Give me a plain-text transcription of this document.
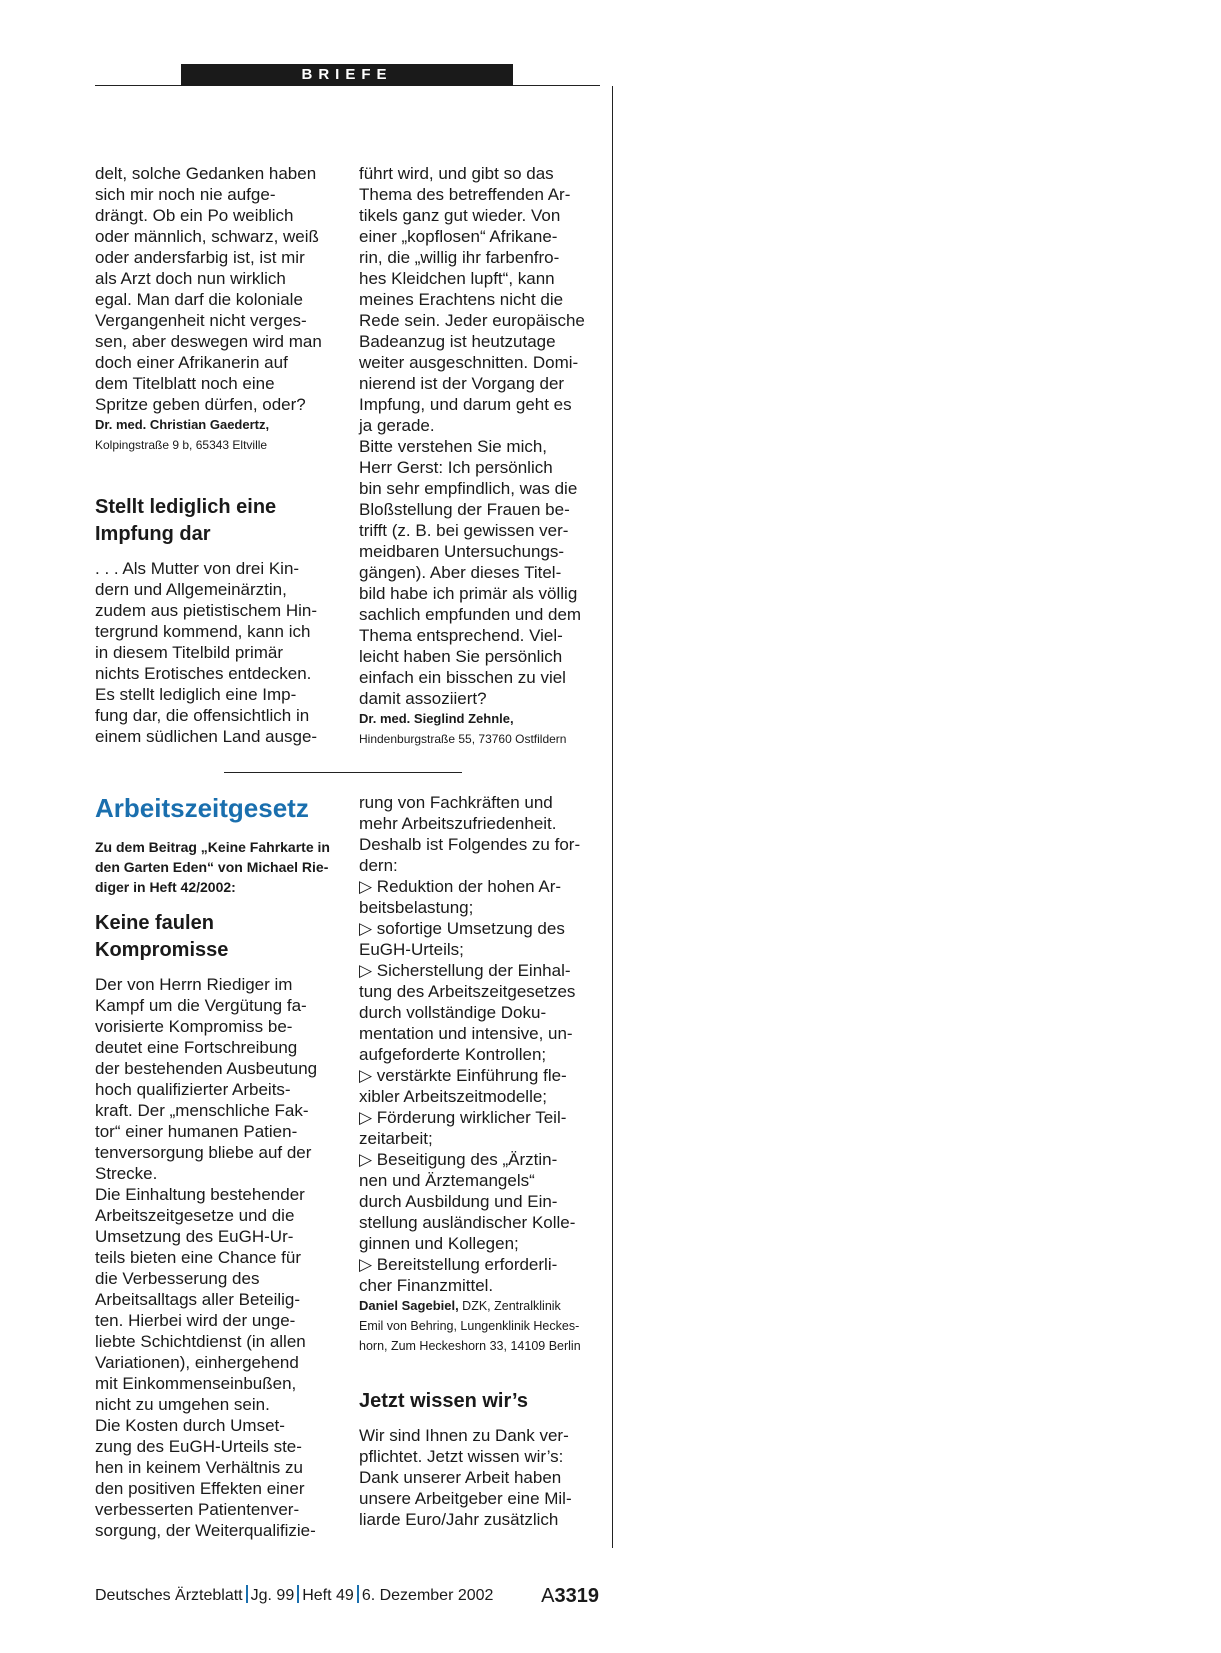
BRIEFE

delt, solche Gedanken haben

sich mir noch nie aufge-

drängt. Ob ein Po weiblich

oder männlich, schwarz, weiß

oder andersfarbig ist, ist mir

als Arzt doch nun wirklich

egal. Man darf die koloniale

Vergangenheit nicht verges-

sen, aber deswegen wird man

doch einer Afrikanerin auf

dem Titelblatt noch eine

Spritze geben dürfen, oder?

Dr. med. Christian Gaedertz,

Kolpingstraße 9 b, 65343 Eltville

Stellt lediglich eine

Impfung dar

. . . Als Mutter von drei Kin-

dern und Allgemeinärztin,

zudem aus pietistischem Hin-

tergrund kommend, kann ich

in diesem Titelbild primär

nichts Erotisches entdecken.

Es stellt lediglich eine Imp-

fung dar, die offensichtlich in

einem südlichen Land ausge-

führt wird, und gibt so das

Thema des betreffenden Ar-

tikels ganz gut wieder. Von

einer „kopflosen“ Afrikane-

rin, die „willig ihr farbenfro-

hes Kleidchen lupft“, kann

meines Erachtens nicht die

Rede sein. Jeder europäische

Badeanzug ist heutzutage

weiter ausgeschnitten. Domi-

nierend ist der Vorgang der

Impfung, und darum geht es

ja gerade.

Bitte verstehen Sie mich,

Herr Gerst: Ich persönlich

bin sehr empfindlich, was die

Bloßstellung der Frauen be-

trifft (z. B. bei gewissen ver-

meidbaren Untersuchungs-

gängen). Aber dieses Titel-

bild habe ich primär als völlig

sachlich empfunden und dem

Thema entsprechend. Viel-

leicht haben Sie persönlich

einfach ein bisschen zu viel

damit assoziiert?

Dr. med. Sieglind Zehnle,

Hindenburgstraße 55, 73760 Ostfildern

Arbeitszeitgesetz

Zu dem Beitrag „Keine Fahrkarte in

den Garten Eden“ von Michael Rie-

diger in Heft 42/2002:

Keine faulen

Kompromisse

Der von Herrn Riediger im

Kampf um die Vergütung fa-

vorisierte Kompromiss be-

deutet eine Fortschreibung

der bestehenden Ausbeutung

hoch qualifizierter Arbeits-

kraft. Der „menschliche Fak-

tor“ einer humanen Patien-

tenversorgung bliebe auf der

Strecke.

Die Einhaltung bestehender

Arbeitszeitgesetze und die

Umsetzung des EuGH-Ur-

teils bieten eine Chance für

die Verbesserung des

Arbeitsalltags aller Beteilig-

ten. Hierbei wird der unge-

liebte Schichtdienst (in allen

Variationen), einhergehend

mit Einkommenseinbußen,

nicht zu umgehen sein.

Die Kosten durch Umset-

zung des EuGH-Urteils ste-

hen in keinem Verhältnis zu

den positiven Effekten einer

verbesserten Patientenver-

sorgung, der Weiterqualifizie-

rung von Fachkräften und

mehr Arbeitszufriedenheit.

Deshalb ist Folgendes zu for-

dern:

▷ Reduktion der hohen Ar-

beitsbelastung;

▷ sofortige Umsetzung des

EuGH-Urteils;

▷ Sicherstellung der Einhal-

tung des Arbeitszeitgesetzes

durch vollständige Doku-

mentation und intensive, un-

aufgeforderte Kontrollen;

▷ verstärkte Einführung fle-

xibler Arbeitszeitmodelle;

▷ Förderung wirklicher Teil-

zeitarbeit;

▷ Beseitigung des „Ärztin-

nen und Ärztemangels“

durch Ausbildung und Ein-

stellung ausländischer Kolle-

ginnen und Kollegen;

▷ Bereitstellung erforderli-

cher Finanzmittel.

Daniel Sagebiel, DZK, Zentralklinik

Emil von Behring, Lungenklinik Heckes-

horn, Zum Heckeshorn 33, 14109 Berlin

Jetzt wissen wir’s

Wir sind Ihnen zu Dank ver-

pflichtet. Jetzt wissen wir’s:

Dank unserer Arbeit haben

unsere Arbeitgeber eine Mil-

liarde Euro/Jahr zusätzlich

Deutsches Ärzteblatt Jg. 99 Heft 49 6. Dezember 2002 A3319
